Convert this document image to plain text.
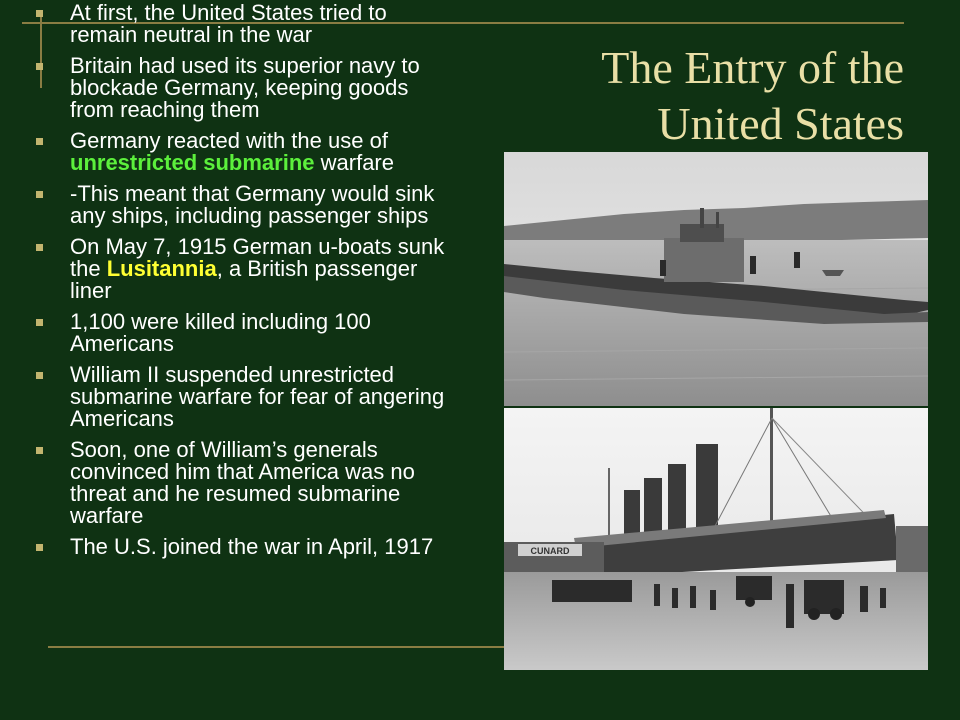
The Entry of the
United States
At first, the United States tried to remain neutral in the war
Britain had used its superior navy to blockade Germany, keeping goods from reaching them
Germany reacted with the use of unrestricted submarine warfare
-This meant that Germany would sink any ships, including passenger ships
On May 7, 1915 German u-boats sunk the Lusitannia, a British passenger liner
1,100 were killed including 100 Americans
William II suspended unrestricted submarine warfare for fear of angering Americans
Soon, one of William’s generals convinced him that America was no threat and he resumed submarine warfare
The U.S. joined the war in April, 1917	CUNARD
